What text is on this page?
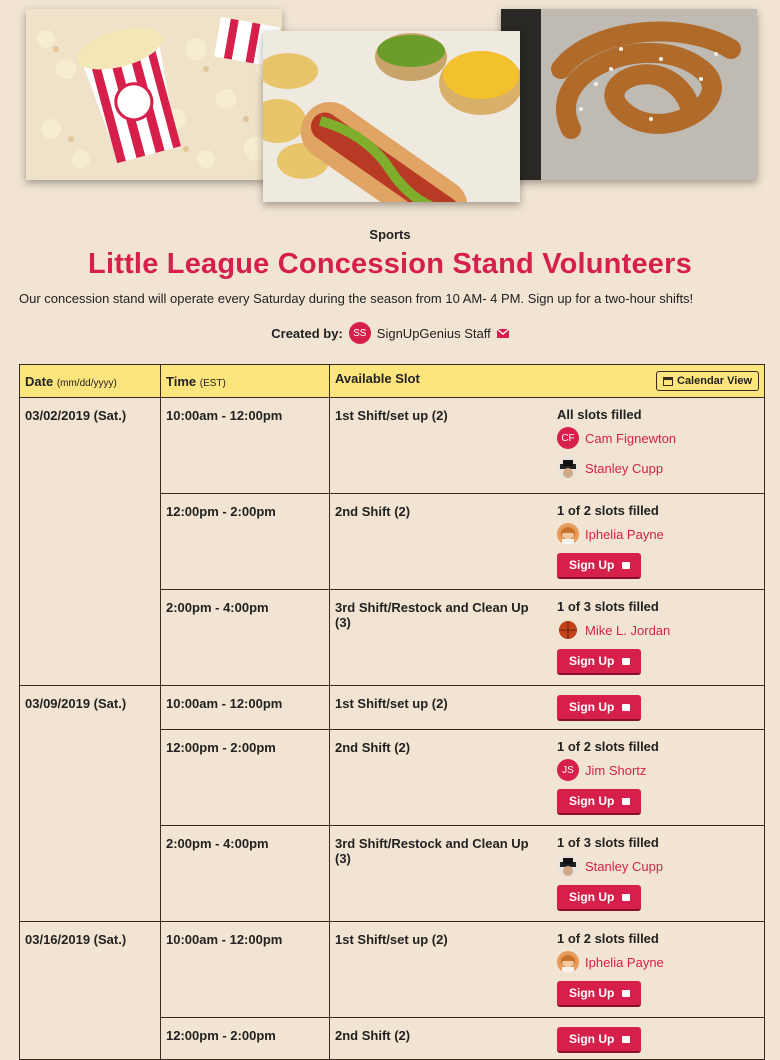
Sports
Little League Concession Stand Volunteers

Our concession stand will operate every Saturday during the season from 10 AM- 4 PM. Sign up for a two-hour shifts!

Created by:	SS SignUpGenius Staff
Date (mm/dd/yyyy)	Time (EST)	Available Slot Calendar View

03/02/2019 (Sat.)	10:00am - 12:00pm	1st Shift/set up (2) All slots filled
CF Cam Fignewton
Stanley Cupp

	12:00pm - 2:00pm	2nd Shift (2) 1 of 2 slots filled
Iphelia Payne
Sign Up

	2:00pm - 4:00pm	3rd Shift/Restock and Clean Up (3)
1 of 3 slots filled
Mike L. Jordan
Sign Up

03/09/2019 (Sat.)	10:00am - 12:00pm	1st Shift/set up (2) Sign Up

	12:00pm - 2:00pm	2nd Shift (2) 1 of 2 slots filled
JS Jim Shortz
Sign Up

	2:00pm - 4:00pm	3rd Shift/Restock and Clean Up (3)
1 of 3 slots filled
Stanley Cupp
Sign Up

03/16/2019 (Sat.)	10:00am - 12:00pm	1st Shift/set up (2) 1 of 2 slots filled
Iphelia Payne
Sign Up

	12:00pm - 2:00pm	2nd Shift (2) Sign Up
